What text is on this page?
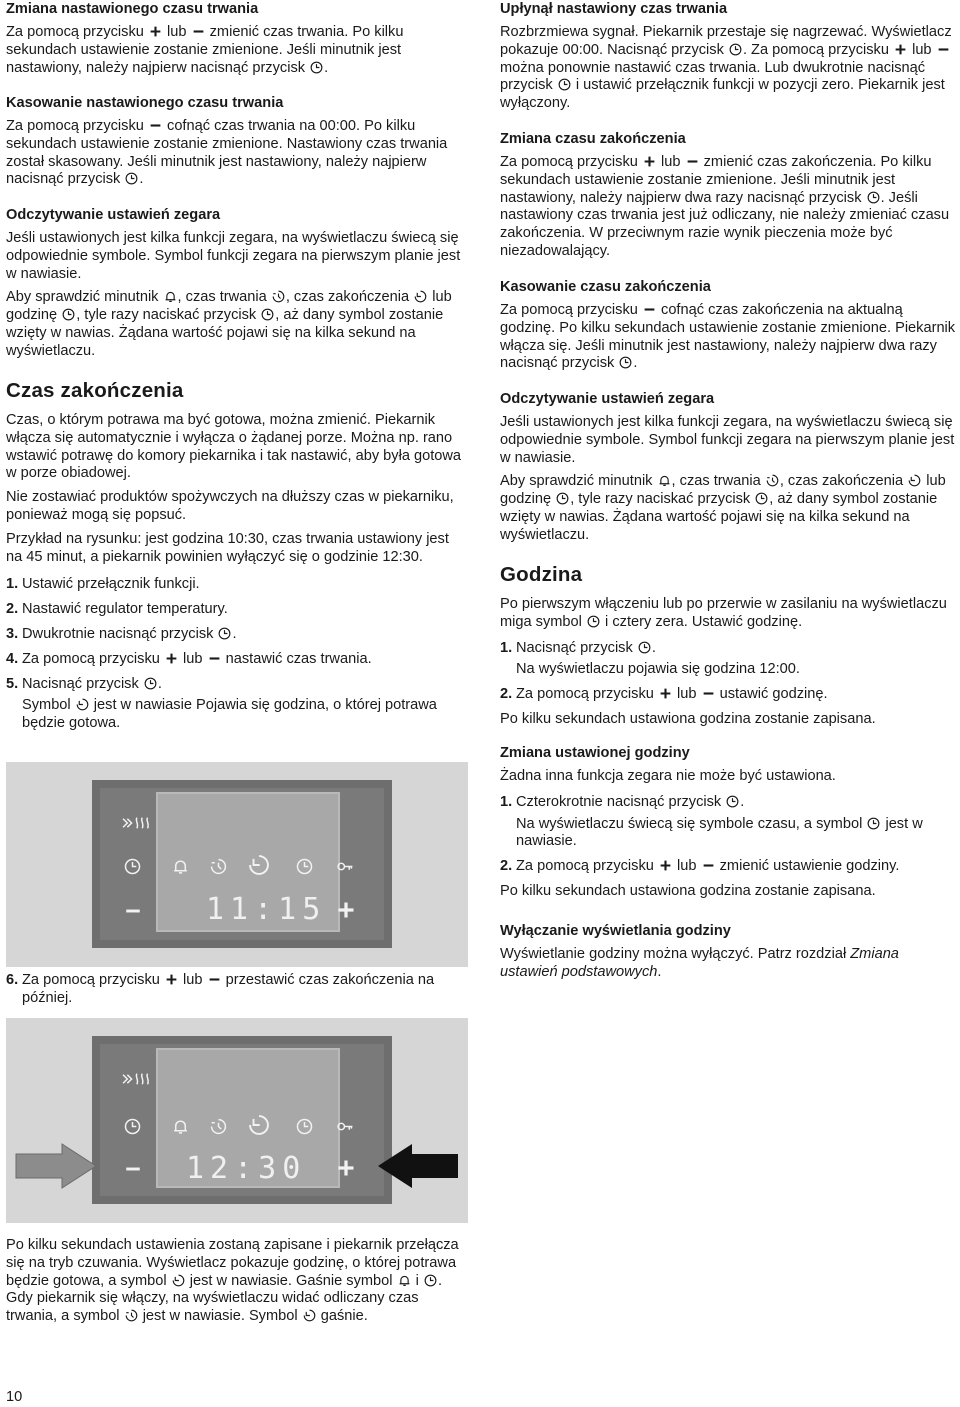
Zmiana nastawionego czasu trwania

Za pomocą przycisku lub zmienić czas trwania. Po kilku sekundach ustawienie zostanie zmienione. Jeśli minutnik jest nastawiony, należy najpierw nacisnąć przycisk .

Kasowanie nastawionego czasu trwania

Za pomocą przycisku cofnąć czas trwania na 00:00. Po kilku sekundach ustawienie zostanie zmienione. Nastawiony czas trwania został skasowany. Jeśli minutnik jest nastawiony, należy najpierw nacisnąć przycisk .

Odczytywanie ustawień zegara

Jeśli ustawionych jest kilka funkcji zegara, na wyświetlaczu świecą się odpowiednie symbole. Symbol funkcji zegara na pierwszym planie jest w nawiasie.

Aby sprawdzić minutnik , czas trwania , czas zakończenia lub godzinę , tyle razy naciskać przycisk , aż dany symbol zostanie wzięty w nawias. Żądana wartość pojawi się na kilka sekund na wyświetlaczu.

Czas zakończenia

Czas, o którym potrawa ma być gotowa, można zmienić. Piekarnik włącza się automatycznie i wyłącza o żądanej porze. Można np. rano wstawić potrawę do komory piekarnika i tak nastawić, aby była gotowa w porze obiadowej.

Nie zostawiać produktów spożywczych na dłuższy czas w piekarniku, ponieważ mogą się popsuć.

Przykład na rysunku: jest godzina 10:30, czas trwania ustawiony jest na 45 minut, a piekarnik powinien wyłączyć się o godzinie 12:30.

1. Ustawić przełącznik funkcji.
2. Nastawić regulator temperatury.
3. Dwukrotnie nacisnąć przycisk .
4. Za pomocą przycisku lub nastawić czas trwania.
5. Nacisnąć przycisk .
Symbol jest w nawiasie Pojawia się godzina, o której potrawa będzie gotowa.
6. Za pomocą przycisku lub przestawić czas zakończenia na później.

Po kilku sekundach ustawienia zostaną zapisane i piekarnik przełącza się na tryb czuwania. Wyświetlacz pokazuje godzinę, o której potrawa będzie gotowa, a symbol jest w nawiasie. Gaśnie symbol i . Gdy piekarnik się włączy, na wyświetlaczu widać odliczany czas trwania, a symbol jest w nawiasie. Symbol gaśnie.

11:15
12:30
Upłynął nastawiony czas trwania

Rozbrzmiewa sygnał. Piekarnik przestaje się nagrzewać. Wyświetlacz pokazuje 00:00. Nacisnąć przycisk . Za pomocą przycisku lub
można ponownie nastawić czas trwania. Lub dwukrotnie nacisnąć przycisk i ustawić przełącznik funkcji w pozycji zero. Piekarnik jest wyłączony.

Zmiana czasu zakończenia

Za pomocą przycisku lub zmienić czas zakończenia. Po kilku sekundach ustawienie zostanie zmienione. Jeśli minutnik jest nastawiony, należy najpierw dwa razy nacisnąć przycisk . Jeśli nastawiony czas trwania jest już odliczany, nie należy zmieniać czasu zakończenia. W przeciwnym razie wynik pieczenia może być niezadowalający.

Kasowanie czasu zakończenia

Za pomocą przycisku cofnąć czas zakończenia na aktualną godzinę. Po kilku sekundach ustawienie zostanie zmienione. Piekarnik włącza się. Jeśli minutnik jest nastawiony, należy najpierw dwa razy nacisnąć przycisk .

Odczytywanie ustawień zegara

Jeśli ustawionych jest kilka funkcji zegara, na wyświetlaczu świecą się odpowiednie symbole. Symbol funkcji zegara na pierwszym planie jest w nawiasie.

Aby sprawdzić minutnik , czas trwania , czas zakończenia lub godzinę , tyle razy naciskać przycisk , aż dany symbol zostanie wzięty w nawias. Żądana wartość pojawi się na kilka sekund na wyświetlaczu.

Godzina

Po pierwszym włączeniu lub po przerwie w zasilaniu na wyświetlaczu miga symbol i cztery zera. Ustawić godzinę.

1. Nacisnąć przycisk .
Na wyświetlaczu pojawia się godzina 12:00.
2. Za pomocą przycisku lub ustawić godzinę.

Po kilku sekundach ustawiona godzina zostanie zapisana.

Zmiana ustawionej godziny

Żadna inna funkcja zegara nie może być ustawiona.

1. Czterokrotnie nacisnąć przycisk .
Na wyświetlaczu świecą się symbole czasu, a symbol jest w nawiasie.
2. Za pomocą przycisku lub zmienić ustawienie godziny.

Po kilku sekundach ustawiona godzina zostanie zapisana.

Wyłączanie wyświetlania godziny

Wyświetlanie godziny można wyłączyć. Patrz rozdział Zmiana ustawień podstawowych.

10
